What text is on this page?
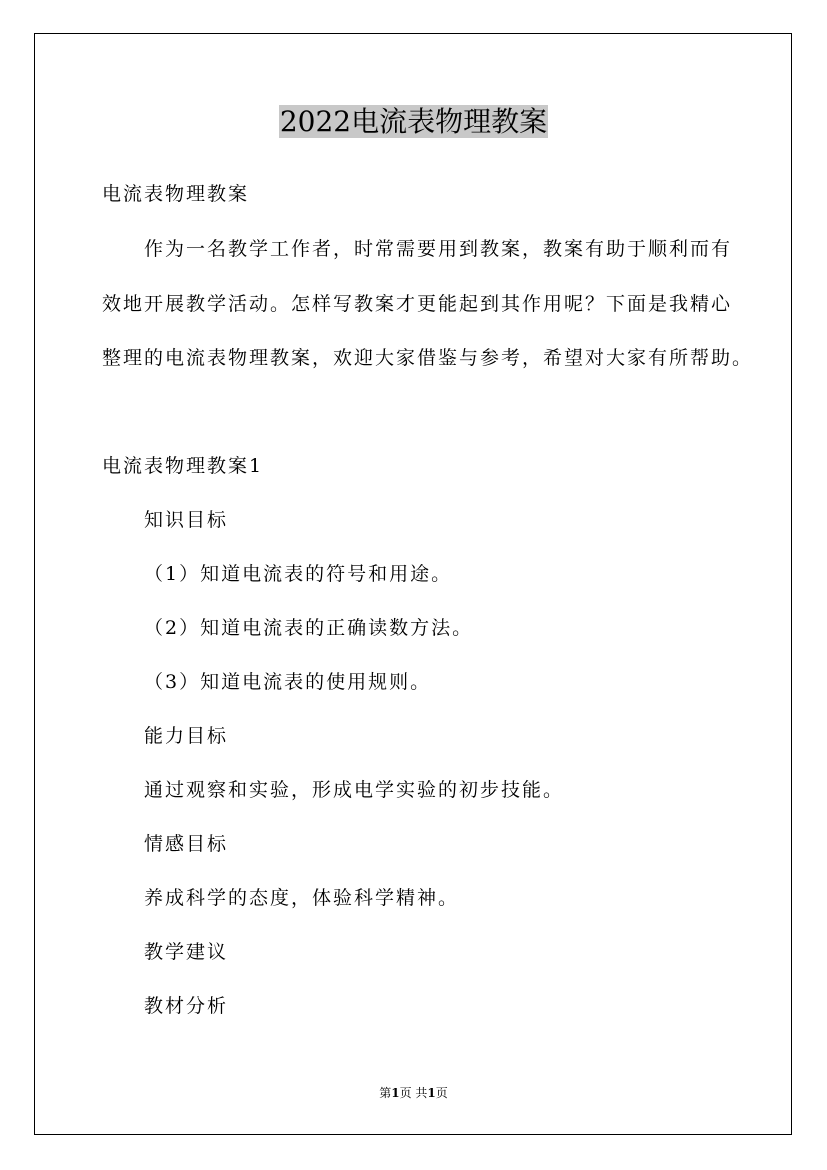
2022电流表物理教案
电流表物理教案
作为一名教学工作者，时常需要用到教案，教案有助于顺利而有
效地开展教学活动。怎样写教案才更能起到其作用呢？下面是我精心
整理的电流表物理教案，欢迎大家借鉴与参考，希望对大家有所帮助。
电流表物理教案1
知识目标
（1）知道电流表的符号和用途。
（2）知道电流表的正确读数方法。
（3）知道电流表的使用规则。
能力目标
通过观察和实验，形成电学实验的初步技能。
情感目标
养成科学的态度，体验科学精神。
教学建议
教材分析
第1页 共1页
